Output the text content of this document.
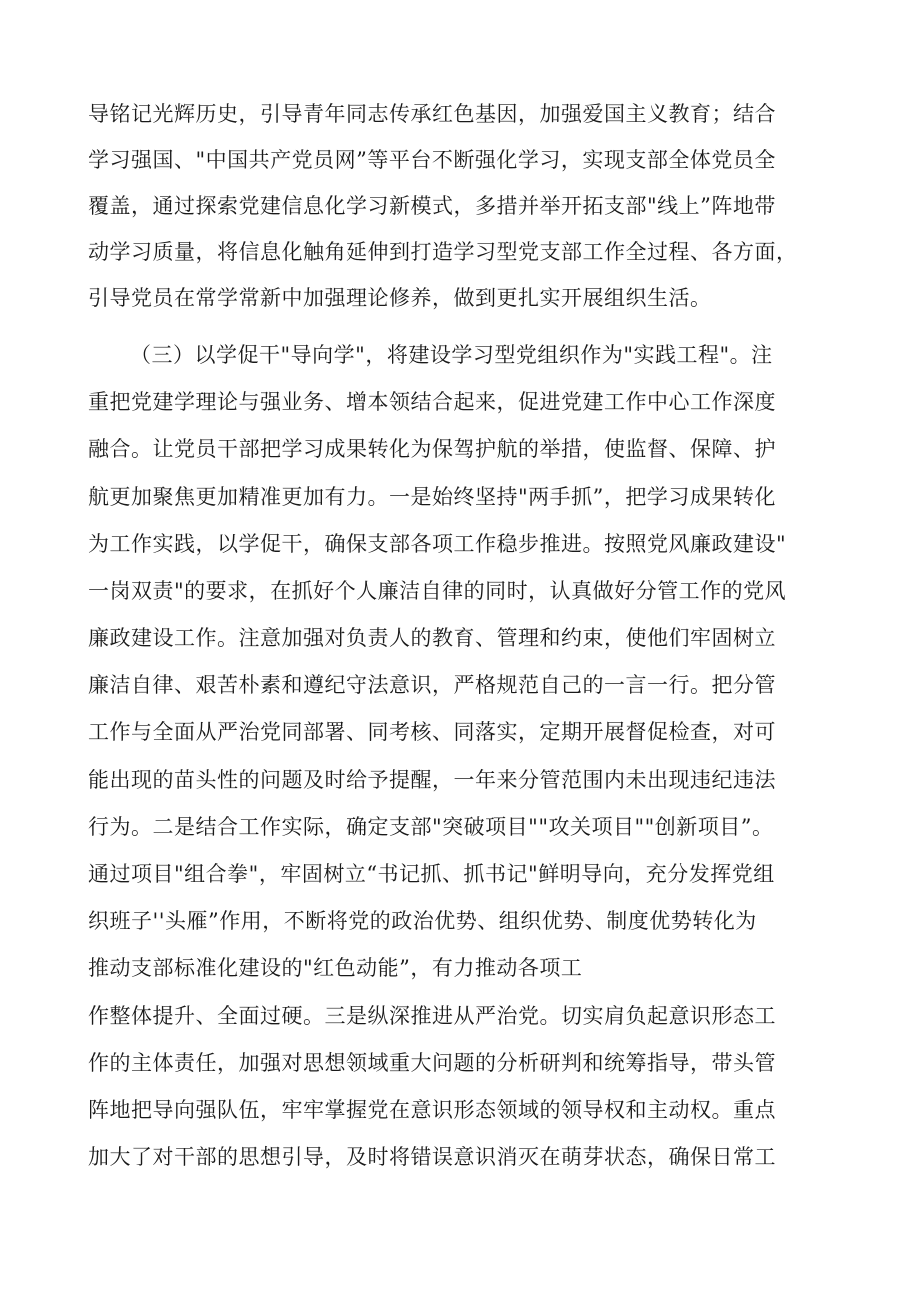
导铭记光辉历史，引导青年同志传承红色基因，加强爱国主义教育；结合
学习强国、"中国共产党员网”等平台不断强化学习，实现支部全体党员全
覆盖，通过探索党建信息化学习新模式，多措并举开拓支部"线上”阵地带
动学习质量，将信息化触角延伸到打造学习型党支部工作全过程、各方面，
引导党员在常学常新中加强理论修养，做到更扎实开展组织生活。
（三）以学促干"导向学"，将建设学习型党组织作为"实践工程"。注
重把党建学理论与强业务、增本领结合起来，促进党建工作中心工作深度
融合。让党员干部把学习成果转化为保驾护航的举措，使监督、保障、护
航更加聚焦更加精准更加有力。一是始终坚持"两手抓”，把学习成果转化
为工作实践，以学促干，确保支部各项工作稳步推进。按照党风廉政建设"
一岗双责"的要求，在抓好个人廉洁自律的同时，认真做好分管工作的党风
廉政建设工作。注意加强对负责人的教育、管理和约束，使他们牢固树立
廉洁自律、艰苦朴素和遵纪守法意识，严格规范自己的一言一行。把分管
工作与全面从严治党同部署、同考核、同落实，定期开展督促检查，对可
能出现的苗头性的问题及时给予提醒，一年来分管范围内未出现违纪违法
行为。二是结合工作实际，确定支部"突破项目""攻关项目""创新项目”。
通过项目"组合拳"，牢固树立“书记抓、抓书记"鲜明导向，充分发挥党组
织班子''头雁”作用，不断将党的政治优势、组织优势、制度优势转化为
推动支部标准化建设的"红色动能”，有力推动各项工
作整体提升、全面过硬。三是纵深推进从严治党。切实肩负起意识形态工
作的主体责任，加强对思想领域重大问题的分析研判和统筹指导，带头管
阵地把导向强队伍，牢牢掌握党在意识形态领域的领导权和主动权。重点
加大了对干部的思想引导，及时将错误意识消灭在萌芽状态，确保日常工
